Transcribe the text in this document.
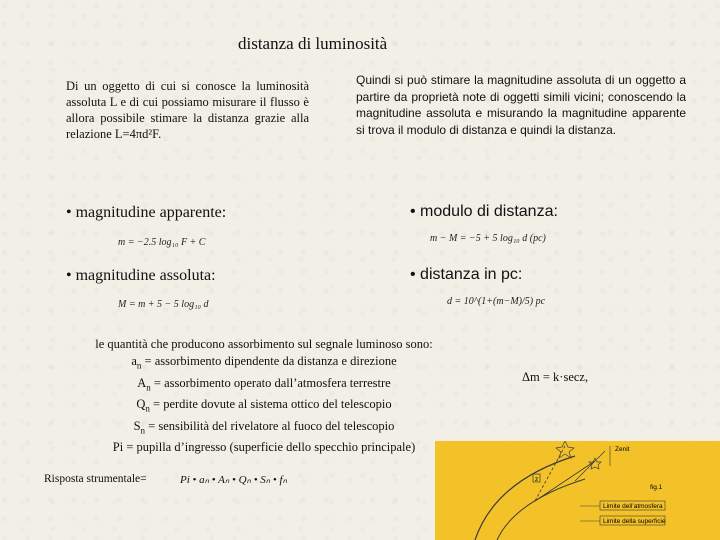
distanza di luminosità
Di un oggetto di cui si conosce la luminosità assoluta L e di cui possiamo misurare il flusso è allora possibile stimare la distanza grazie alla relazione L=4πd²F.
Quindi si può stimare la magnitudine assoluta di un oggetto a partire da proprietà note di oggetti simili vicini; conoscendo la magnitudine assoluta e misurando la magnitudine apparente si trova il modulo di distanza e quindi la distanza.
• magnitudine apparente:
m = −2.5 log₁₀ F + C
• modulo di distanza:
m − M = −5 + 5 log₁₀ d (pc)
• magnitudine assoluta:
M = m + 5 − 5 log₁₀ d
• distanza in pc:
d = 10^(1+(m−M)/5) pc
le quantità che producono assorbimento sul segnale luminoso sono:
$a_n$ = assorbimento dipendente da distanza e direzione
$A_n$ = assorbimento operato dall’atmosfera terrestre
$Q_n$ = perdite dovute al sistema ottico del telescopio
$S_n$ = sensibilità del rivelatore al fuoco del telescopio
Pi = pupilla d’ingresso (superficie dello specchio principale)
Δm = k·secz,
Risposta strumentale=	Pi • aₙ • Aₙ • Qₙ • Sₙ • fₙ	z
Zenit
fig.1
Limite dell’atmosfera
Limite della superficie
